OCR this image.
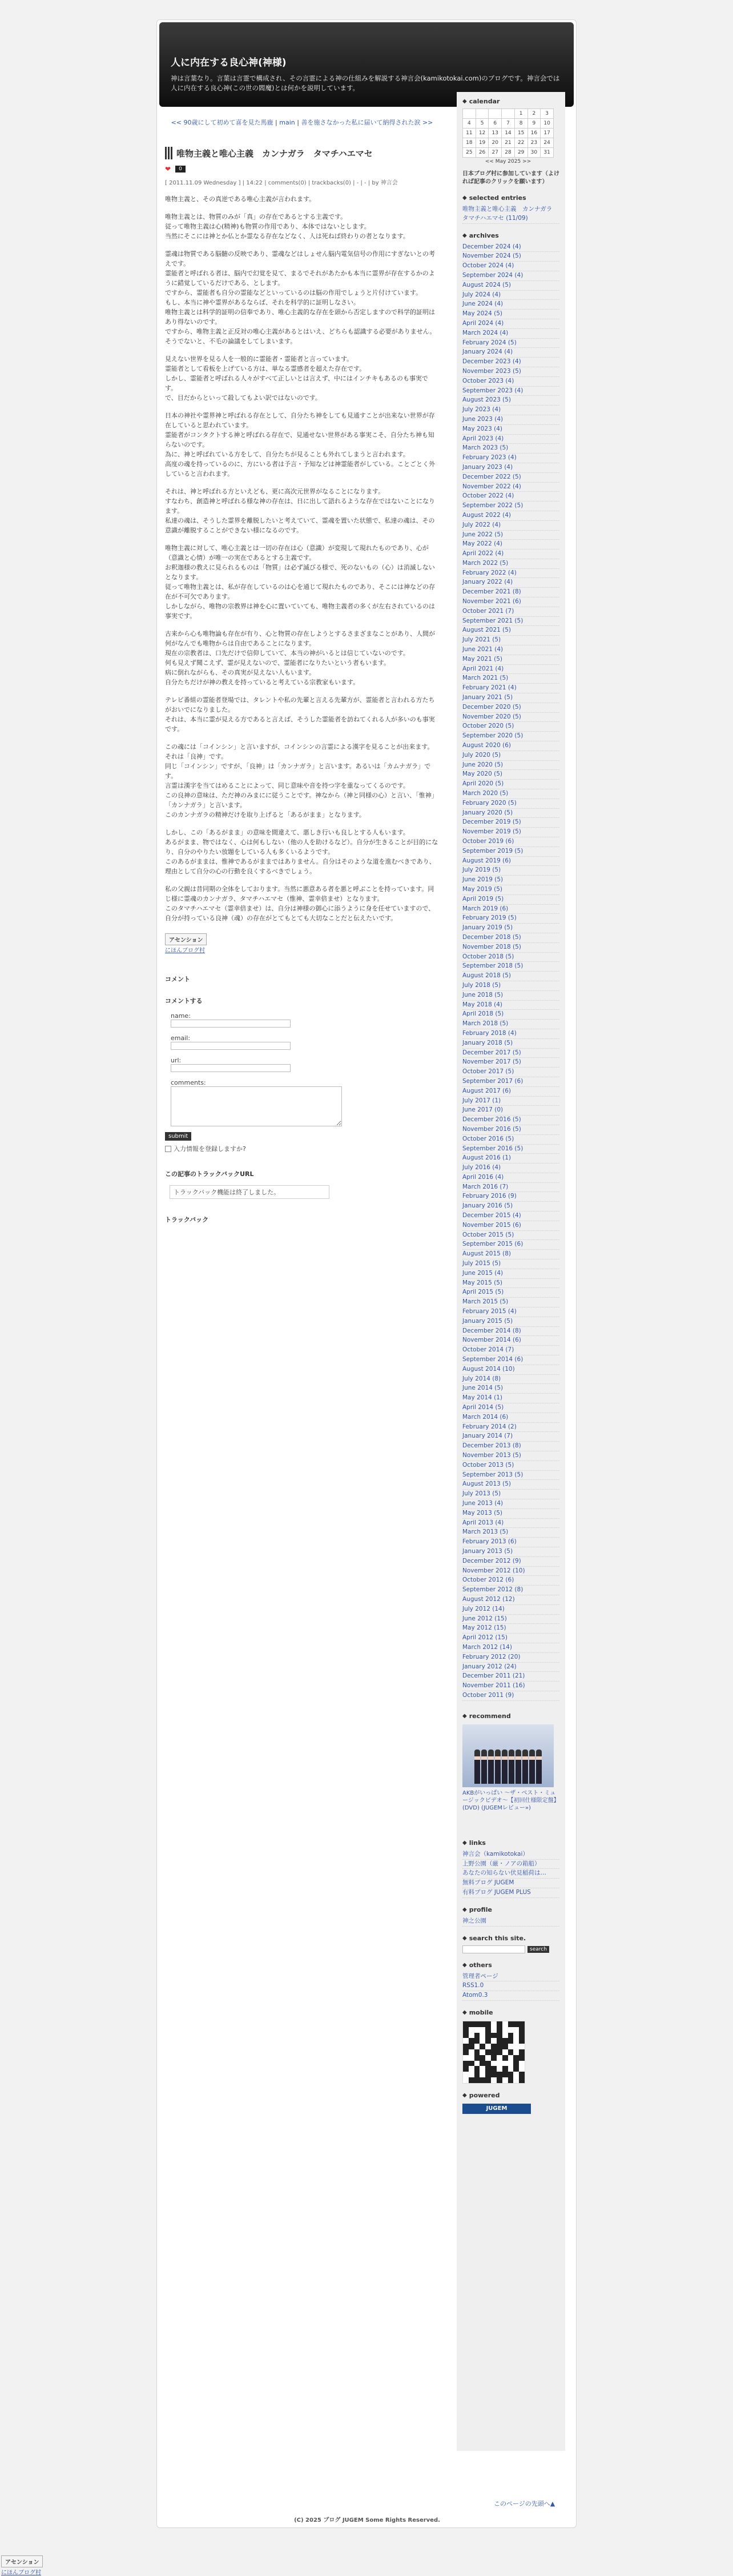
人に内在する良心神(神様)
神は言葉なり。言葉は言霊で構成され、その言霊による神の仕組みを解説する神言会(kamikotokai.com)のブログです。神言会では人に内在する良心神(この世の閻魔)とは何かを説明しています。
<< 90歳にして初めて喜を見た馬鹿 | main | 善を施さなかった私に届いて納得された涙 >>
唯物主義と唯心主義　カンナガラ　タマチハエマセ
❤	0
[ 2011.11.09 Wednesday ] | 14:22 | comments(0) | trackbacks(0) | - | - | by 神言会

唯物主義と、その真逆である唯心主義が言われます。

唯物主義とは、物質のみが「真」の存在であるとする主義です。
従って唯物主義は心(精神)も物質の作用であり、本体ではないとします。
当然にそこには神とか仏とか霊なる存在などなく、人は死ねば終わりの者となります。

霊魂は物質である脳髄の反映であり、霊魂などはしょせん脳内電気信号の作用にすぎないとの考えです。
霊能者と呼ばれる者は、脳内で幻覚を見て、まるでそれがあたかも本当に霊界が存在するかのように錯覚しているだけである、とします。
ですから、霊能者も自分の霊能などといっているのは脳の作用でしょうと片付けています。
もし、本当に神や霊界があるならば、それを科学的に証明しなさい。
唯物主義とは科学的証明の信奉であり、唯心主義的な存在を頭から否定しますので科学的証明はあり得ないのです。
ですから、唯物主義と正反対の唯心主義があるとはいえ、どちらも認識する必要がありません。そうでないと、不毛の論議をしてしまいます。

見えない世界を見る人を一般的に霊能者・霊能者と言っています。
霊能者として看板を上げている方は、単なる霊感者を超えた存在です。
しかし、霊能者と呼ばれる人々がすべて正しいとは言えず、中にはインチキもあるのも事実です。
で、目だからといって殺してもよい訳ではないのです。

日本の神社や霊界神と呼ばれる存在として、自分たち神をしても見通すことが出来ない世界が存在していると思われています。
霊能者がコンタクトする神と呼ばれる存在で、見通せない世界がある事実こそ、自分たち神も知らないのです。
為に、神と呼ばれている方をして、自分たちが見ることも外れてしまうと言われます。
高度の魂を持っているのに、方にいる者は予言・予知などは神霊能者がしている。ことごとく外していると言われます。

それは、神と呼ばれる方といえども、更に高次元世界がなることになります。
すなわち、創造神と呼ばれる様な神の存在は、日に出して語れるような存在ではないことになります。
私達の魂は、そうした霊界を離脱したいと考えていて、霊魂を置いた状態で、私達の魂は、その意識が離脱することができない様になるのです。

唯物主義に対して、唯心主義とは一切の存在は心（意識）が変現して現れたものであり、心が（意識と心情）が唯一の実在であるとする主義です。
お釈迦様の教えに見られるものは「物質」は必ず滅びる様で、死のないもの（心）は消滅しないとなります。
従って唯物主義とは、私が存在しているのは心を通じて現れたものであり、そこには神などの存在が不可欠であります。
しかしながら、唯物の宗教界は神を心に置いていても、唯物主義者の多くが左右されているのは事実です。

古来から心も唯物論も存在が有り、心と物質の存在しようとするさまざまなことがあり、人間が何がなんでも唯物からは自由であることになります。
現在の宗教者は、口先だけで信仰していて、本当の神がいるとは信じていないのです。
何も見えず聞こえず、霊が見えないので、霊能者になりたいという者もいます。
病に倒れながらも、その真実が見えない人もいます。
自分たちだけが神の教えを持っていると考えている宗教家もいます。

テレビ番組の霊能者登場では、タレントや私の先輩と言える先輩方が、霊能者と言われる方たちがおいでになりました。
それは、本当に霊が見える方であると言えば、そうした霊能者を訪ねてくれる人が多いのも事実です。

この魂には「コインシン」と言いますが、コインシンの言霊による漢字を見ることが出来ます。それは「良神」です。
同じ「コインシン」ですが、「良神」は「カンナガラ」と言います。あるいは「カムナガラ」です。
言霊は漢字を当てはめることによって、同じ意味や音を持つ字を重なってくるのです。
この良神の意味は、ただ神のみまにに従うことです。神なから（神と同様の心）と言い、「惟神」「カンナガラ」と言います。
このカンナガラの精神だけを取り上げると「あるがまま」となります。

しかし、この「あるがまま」の意味を間違えて、悪しき行いも良しとする人もいます。
あるがまま、物ではなく、心は何もしない（他の人を助けるなど）。自分が生きることが目的になり、自分のやりたい放題をしている人も多くいるようです。
このあるがままは、惟神であるがままではありません。自分はそのような道を進むべきであり、理由として自分の心の行動を良くするべきでしょう。

私の父親は昔同期の全体をしております。当然に悪意ある者を悪と呼ぶことを持っています。同じ様に霊魂のカンナガラ、タマチハエマセ（惟神、霊幸倍ませ）となります。
このタマチハエマセ（霊幸倍ませ）は、自分は神様の御心に添うように身を任せていますので、自分が持っている良神（魂）の存在がとてもとても大切なことだと伝えたいです。

アセンション
にほんブログ村
コメント
コメントする
name:
email:
url:
comments:
submit
入力情報を登録しますか?
この記事のトラックバックURL
トラックバック機能は終了しました。
トラックバック
◆ calendar
				1	2	3
4	5	6	7	8	9	10
11	12	13	14	15	16	17
18	19	20	21	22	23	24
25	26	27	28	29	30	31
<< May 2025 >>
日本ブログ村に参加しています（よければ記事のクリックを願います）
◆ selected entries
唯物主義と唯心主義　カンナガラ　タマチハエマセ (11/09)
◆ archives
December 2024 (4)
November 2024 (5)
October 2024 (4)
September 2024 (4)
August 2024 (5)
July 2024 (4)
June 2024 (4)
May 2024 (5)
April 2024 (4)
March 2024 (4)
February 2024 (5)
January 2024 (4)
December 2023 (4)
November 2023 (5)
October 2023 (4)
September 2023 (4)
August 2023 (5)
July 2023 (4)
June 2023 (4)
May 2023 (4)
April 2023 (4)
March 2023 (5)
February 2023 (4)
January 2023 (4)
December 2022 (5)
November 2022 (4)
October 2022 (4)
September 2022 (5)
August 2022 (4)
July 2022 (4)
June 2022 (5)
May 2022 (4)
April 2022 (4)
March 2022 (5)
February 2022 (4)
January 2022 (4)
December 2021 (8)
November 2021 (6)
October 2021 (7)
September 2021 (5)
August 2021 (5)
July 2021 (5)
June 2021 (4)
May 2021 (5)
April 2021 (4)
March 2021 (5)
February 2021 (4)
January 2021 (5)
December 2020 (5)
November 2020 (5)
October 2020 (5)
September 2020 (5)
August 2020 (6)
July 2020 (5)
June 2020 (5)
May 2020 (5)
April 2020 (5)
March 2020 (5)
February 2020 (5)
January 2020 (5)
December 2019 (5)
November 2019 (5)
October 2019 (6)
September 2019 (5)
August 2019 (6)
July 2019 (5)
June 2019 (5)
May 2019 (5)
April 2019 (5)
March 2019 (6)
February 2019 (5)
January 2019 (5)
December 2018 (5)
November 2018 (5)
October 2018 (5)
September 2018 (5)
August 2018 (5)
July 2018 (5)
June 2018 (5)
May 2018 (4)
April 2018 (5)
March 2018 (5)
February 2018 (4)
January 2018 (5)
December 2017 (5)
November 2017 (5)
October 2017 (5)
September 2017 (6)
August 2017 (6)
July 2017 (1)
June 2017 (0)
December 2016 (5)
November 2016 (5)
October 2016 (5)
September 2016 (5)
August 2016 (1)
July 2016 (4)
April 2016 (4)
March 2016 (7)
February 2016 (9)
January 2016 (5)
December 2015 (4)
November 2015 (6)
October 2015 (5)
September 2015 (6)
August 2015 (8)
July 2015 (5)
June 2015 (4)
May 2015 (5)
April 2015 (5)
March 2015 (5)
February 2015 (4)
January 2015 (5)
December 2014 (8)
November 2014 (6)
October 2014 (7)
September 2014 (6)
August 2014 (10)
July 2014 (8)
June 2014 (5)
May 2014 (1)
April 2014 (5)
March 2014 (6)
February 2014 (2)
January 2014 (7)
December 2013 (8)
November 2013 (5)
October 2013 (5)
September 2013 (5)
August 2013 (5)
July 2013 (5)
June 2013 (4)
May 2013 (5)
April 2013 (4)
March 2013 (5)
February 2013 (6)
January 2013 (5)
December 2012 (9)
November 2012 (10)
October 2012 (6)
September 2012 (8)
August 2012 (12)
July 2012 (14)
June 2012 (15)
May 2012 (15)
April 2012 (15)
March 2012 (14)
February 2012 (20)
January 2012 (24)
December 2011 (21)
November 2011 (16)
October 2011 (9)
◆ recommend
AKBがいっぱい ～ザ・ベスト・ミュージックビデオ～【初回仕様限定盤】(DVD) (JUGEMレビュー»)
◆ links
神言会（kamikotokai）
上野公園（厳・ノアの箱船）
あなたの知らない伏見稲荷は…
無料ブログ JUGEM
有料ブログ JUGEM PLUS
◆ profile
神之公園
◆ search this site.
search
◆ others
管理者ページ
RSS1.0
Atom0.3
◆ mobile
◆ powered
JUGEM
このページの先頭へ▲
(C) 2025 ブログ JUGEM Some Rights Reserved.
アセンション
にほんブログ村
